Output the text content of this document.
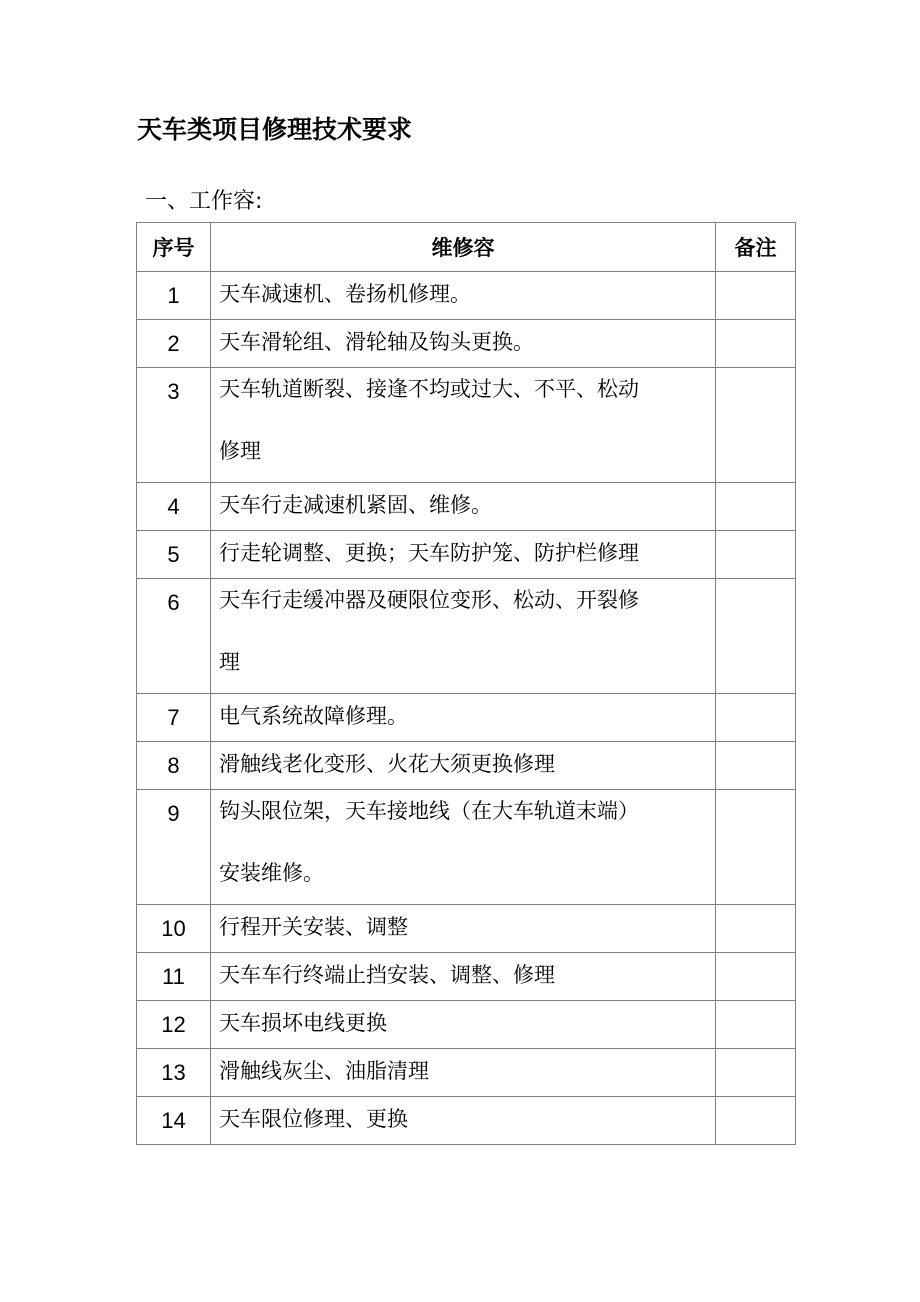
天车类项目修理技术要求
一、工作容:
序号	维修容	备注
1	天车减速机、卷扬机修理。	
2	天车滑轮组、滑轮轴及钩头更换。	
3	天车轨道断裂、接逢不均或过大、不平、松动
修理	

4	天车行走减速机紧固、维修。	
5	行走轮调整、更换；天车防护笼、防护栏修理	
6	天车行走缓冲器及硬限位变形、松动、开裂修
理	

7	电气系统故障修理。	
8	滑触线老化变形、火花大须更换修理	
9	钩头限位架，天车接地线（在大车轨道末端）
安装维修。	

10	行程开关安装、调整	
11	天车车行终端止挡安装、调整、修理	
12	天车损坏电线更换	
13	滑触线灰尘、油脂清理	
14	天车限位修理、更换	
